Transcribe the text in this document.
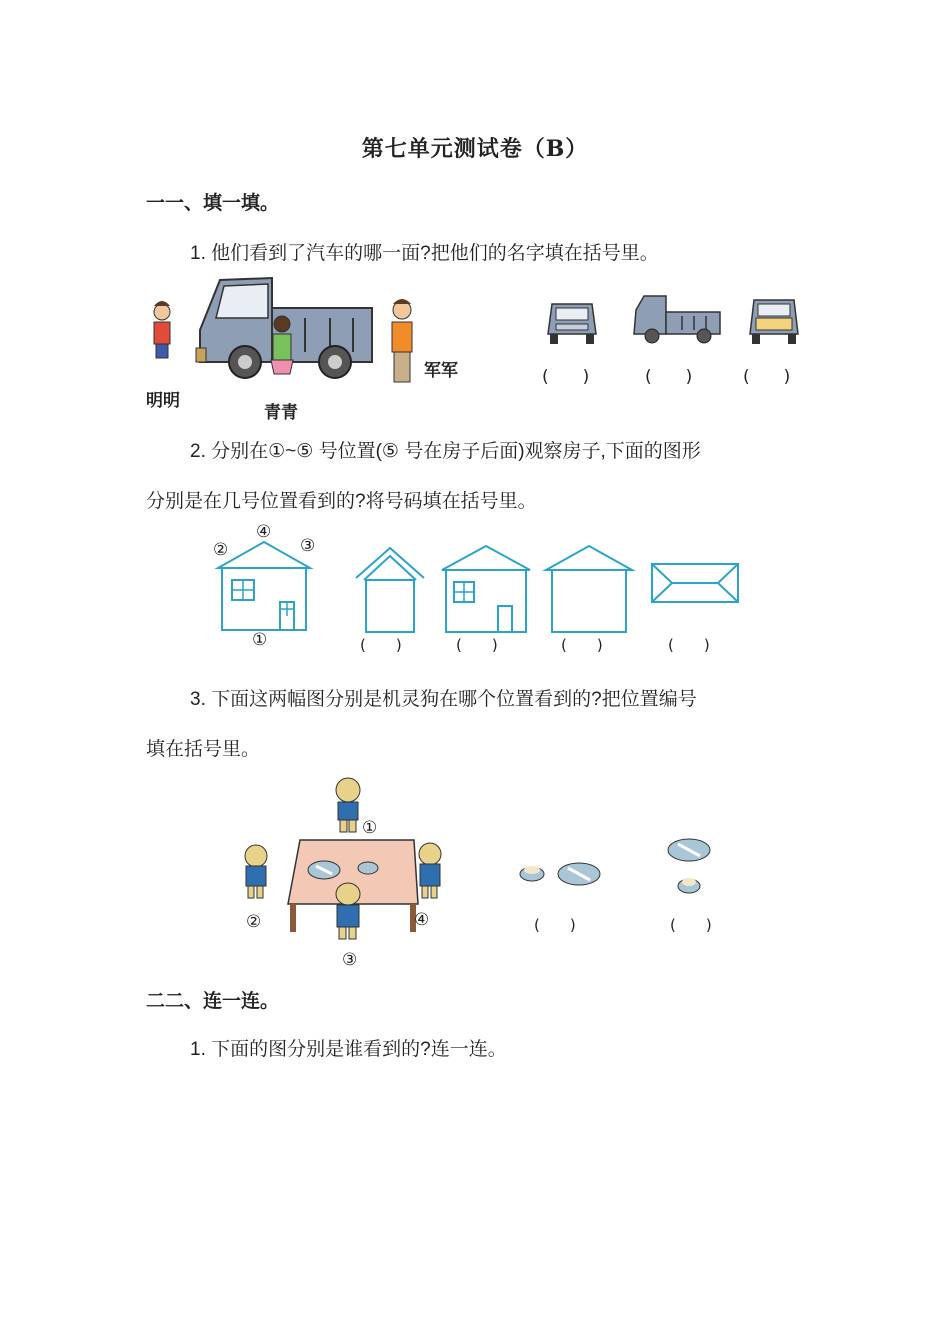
第七单元测试卷（B）
一一、填一填。
1. 他们看到了汽车的哪一面?把他们的名字填在括号里。
明明
青青
军军	(　　)	(　　)	(　　)
2. 分别在①~⑤ 号位置(⑤ 号在房子后面)观察房子,下面的图形
分别是在几号位置看到的?将号码填在括号里。
①
②	③
④
(　　)	(　　)	(　　)	(　　)
3. 下面这两幅图分别是机灵狗在哪个位置看到的?把位置编号
填在括号里。
①
②
③
④	(　　)	(　　)
二二、连一连。
1. 下面的图分别是谁看到的?连一连。
